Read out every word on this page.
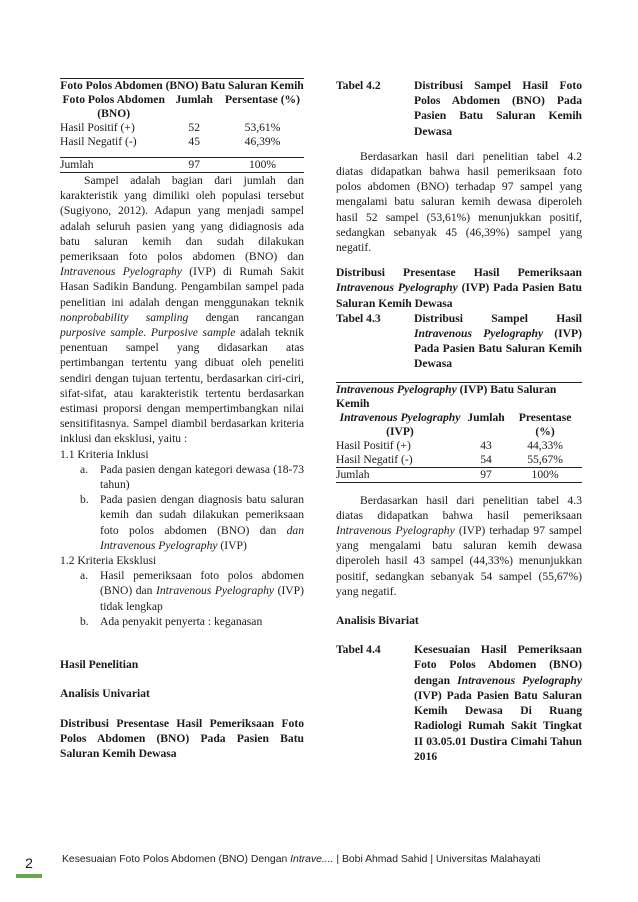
Foto Polos Abdomen (BNO) Batu Saluran Kemih		
Foto Polos Abdomen (BNO)	Jumlah	Persentase (%)
Hasil Positif (+)	52	53,61%
Hasil Negatif (-)	45	46,39%
Jumlah	97	100%

Sampel adalah bagian dari jumlah dan karakteristik yang dimiliki oleh populasi tersebut (Sugiyono, 2012). Adapun yang menjadi sampel adalah seluruh pasien yang yang didiagnosis ada batu saluran kemih dan sudah dilakukan pemeriksaan foto polos abdomen (BNO) dan Intravenous Pyelography (IVP) di Rumah Sakit Hasan Sadikin Bandung. Pengambilan sampel pada penelitian ini adalah dengan menggunakan teknik nonprobability sampling dengan rancangan purposive sample. Purposive sample adalah teknik penentuan sampel yang didasarkan atas pertimbangan tertentu yang dibuat oleh peneliti sendiri dengan tujuan tertentu, berdasarkan ciri-ciri, sifat-sifat, atau karakteristik tertentu berdasarkan estimasi proporsi dengan mempertimbangkan nilai sensitifitasnya. Sampel diambil berdasarkan kriteria inklusi dan eksklusi, yaitu :

1.1 Kriteria Inklusi
a.	Pada pasien dengan kategori dewasa (18-73 tahun)
b. Pada pasien dengan diagnosis batu saluran kemih dan sudah dilakukan pemeriksaan foto polos abdomen (BNO) dan dan Intravenous Pyelography (IVP)
1.2 Kriteria Eksklusi
a.	Hasil pemeriksaan foto polos abdomen (BNO) dan Intravenous Pyelography (IVP) tidak lengkap
b. Ada penyakit penyerta : keganasan
Hasil Penelitian
Analisis Univariat
Distribusi Presentase Hasil Pemeriksaan Foto Polos Abdomen (BNO) Pada Pasien Batu Saluran Kemih Dewasa
Tabel 4.2	Distribusi Sampel Hasil Foto Polos Abdomen (BNO) Pada Pasien Batu Saluran Kemih Dewasa

Berdasarkan hasil dari penelitian tabel 4.2 diatas didapatkan bahwa hasil pemeriksaan foto polos abdomen (BNO) terhadap 97 sampel yang mengalami batu saluran kemih dewasa diperoleh hasil 52 sampel (53,61%) menunjukkan positif, sedangkan sebanyak 45 (46,39%) sampel yang negatif.

Distribusi Presentase Hasil Pemeriksaan Intravenous Pyelography (IVP) Pada Pasien Batu Saluran Kemih Dewasa
Tabel 4.3	Distribusi Sampel Hasil Intravenous Pyelography (IVP) Pada Pasien Batu Saluran Kemih Dewasa
Intravenous Pyelography (IVP) Batu Saluran Kemih		
Intravenous Pyelography (IVP)	Jumlah	Presentase (%)
Hasil Positif (+)	43	44,33%
Hasil Negatif (-)	54	55,67%
Jumlah	97	100%

Berdasarkan hasil dari penelitian tabel 4.3 diatas didapatkan bahwa hasil pemeriksaan Intravenous Pyelography (IVP) terhadap 97 sampel yang mengalami batu saluran kemih dewasa diperoleh hasil 43 sampel (44,33%) menunjukkan positif, sedangkan sebanyak 54 sampel (55,67%) yang negatif.

Analisis Bivariat
Tabel 4.4	Kesesuaian Hasil Pemeriksaan Foto Polos Abdomen (BNO) dengan Intravenous Pyelography (IVP) Pada Pasien Batu Saluran Kemih Dewasa Di Ruang Radiologi Rumah Sakit Tingkat II 03.05.01 Dustira Cimahi Tahun 2016
2	Kesesuaian Foto Polos Abdomen (BNO) Dengan Intrave.... | Bobi Ahmad Sahid | Universitas Malahayati
